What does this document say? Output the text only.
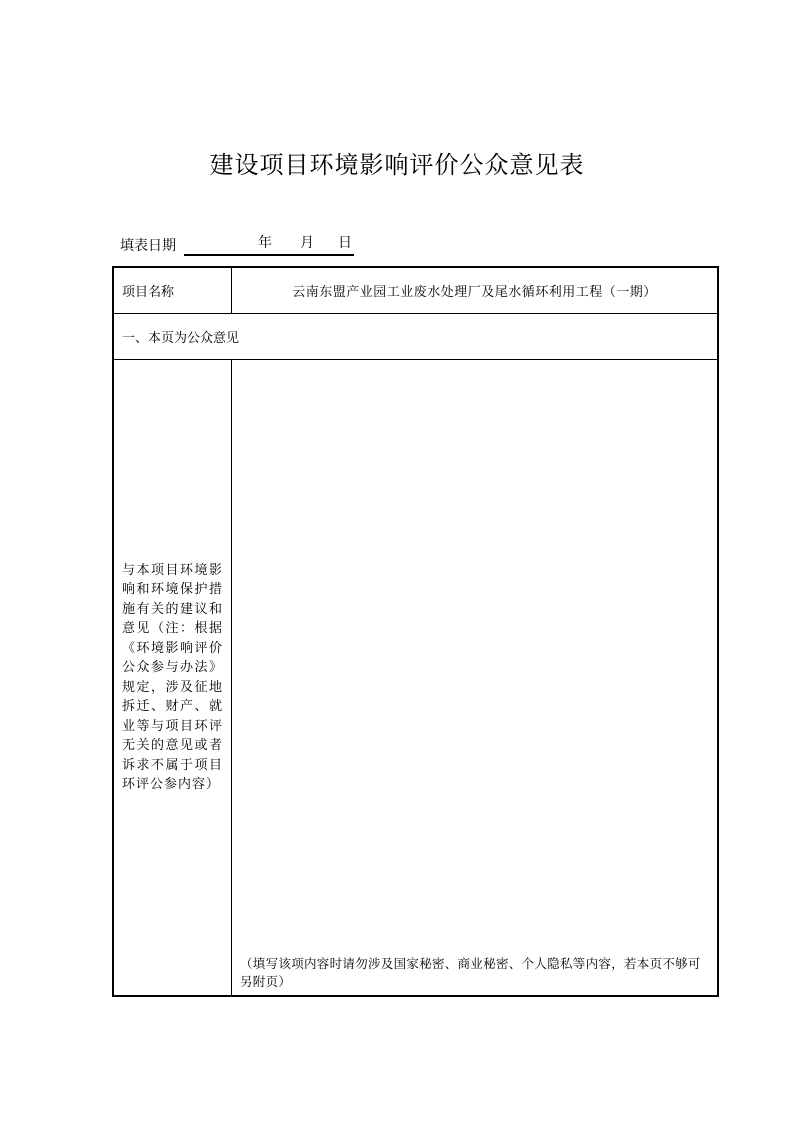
建设项目环境影响评价公众意见表
填表日期	年 月 日
项目名称	云南东盟产业园工业废水处理厂及尾水循环利用工程（一期）
一、本页为公众意见
与本项目环境影响和环境保护措施有关的建议和意见（注：根据《环境影响评价公众参与办法》规定，涉及征地拆迁、财产、就业等与项目环评无关的意见或者诉求不属于项目环评公参内容）
（填写该项内容时请勿涉及国家秘密、商业秘密、个人隐私等内容，若本页不够可另附页）
